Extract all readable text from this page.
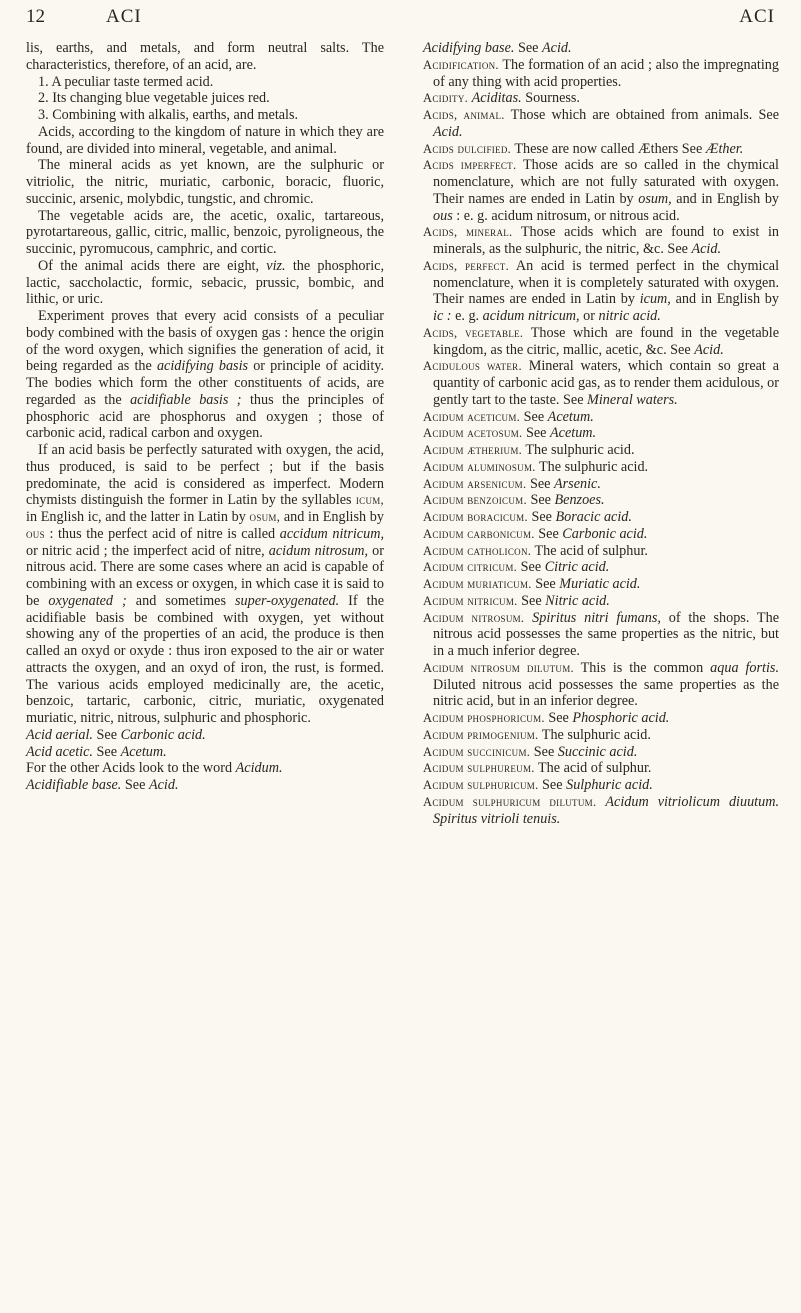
12	ACI	ACI

lis, earths, and metals, and form neutral salts. The characteristics, therefore, of an acid, are.

1. A peculiar taste termed acid.

2. Its changing blue vegetable juices red.

3. Combining with alkalis, earths, and metals.

Acids, according to the kingdom of nature in which they are found, are divided into mineral, vegetable, and animal.

The mineral acids as yet known, are the sulphuric or vitriolic, the nitric, muriatic, carbonic, boracic, fluoric, succinic, arsenic, molybdic, tungstic, and chromic.

The vegetable acids are, the acetic, oxalic, tartareous, pyrotartareous, gallic, citric, mallic, benzoic, pyroligneous, the succinic, pyromucous, camphric, and cortic.

Of the animal acids there are eight, viz. the phosphoric, lactic, saccholactic, formic, sebacic, prussic, bombic, and lithic, or uric.

Experiment proves that every acid consists of a peculiar body combined with the basis of oxygen gas : hence the origin of the word oxygen, which signifies the generation of acid, it being regarded as the acidifying basis or principle of acidity. The bodies which form the other constituents of acids, are regarded as the acidifiable basis ; thus the principles of phosphoric acid are phosphorus and oxygen ; those of carbonic acid, radical carbon and oxygen.

If an acid basis be perfectly saturated with oxygen, the acid, thus produced, is said to be perfect ; but if the basis predominate, the acid is considered as imperfect. Modern chymists distinguish the former in Latin by the syllables icum, in English ic, and the latter in Latin by osum, and in English by ous : thus the perfect acid of nitre is called accidum nitricum, or nitric acid ; the imperfect acid of nitre, acidum nitrosum, or nitrous acid. There are some cases where an acid is capable of combining with an excess or oxygen, in which case it is said to be oxygenated ; and sometimes super-oxygenated. If the acidifiable basis be combined with oxygen, yet without showing any of the properties of an acid, the produce is then called an oxyd or oxyde : thus iron exposed to the air or water attracts the oxygen, and an oxyd of iron, the rust, is formed. The various acids employed medicinally are, the acetic, benzoic, tartaric, carbonic, citric, muriatic, oxygenated muriatic, nitric, nitrous, sulphuric and phosphoric.

Acid aerial. See Carbonic acid.

Acid acetic. See Acetum.

For the other Acids look to the word Acidum.

Acidifiable base. See Acid.

Acidifying base. See Acid.

Acidification. The formation of an acid ; also the impregnating of any thing with acid properties.

Acidity. Aciditas. Sourness.

Acids, animal. Those which are obtained from animals. See Acid.

Acids dulcified. These are now called Æthers See Æther.

Acids imperfect. Those acids are so called in the chymical nomenclature, which are not fully saturated with oxygen. Their names are ended in Latin by osum, and in English by ous : e. g. acidum nitrosum, or nitrous acid.

Acids, mineral. Those acids which are found to exist in minerals, as the sulphuric, the nitric, &c. See Acid.

Acids, perfect. An acid is termed perfect in the chymical nomenclature, when it is completely saturated with oxygen. Their names are ended in Latin by icum, and in English by ic : e. g. acidum nitricum, or nitric acid.

Acids, vegetable. Those which are found in the vegetable kingdom, as the citric, mallic, acetic, &c. See Acid.

Acidulous water. Mineral waters, which contain so great a quantity of carbonic acid gas, as to render them acidulous, or gently tart to the taste. See Mineral waters.

Acidum aceticum. See Acetum.

Acidum acetosum. See Acetum.

Acidum ætherium. The sulphuric acid.

Acidum aluminosum. The sulphuric acid.

Acidum arsenicum. See Arsenic.

Acidum benzoicum. See Benzoes.

Acidum boracicum. See Boracic acid.

Acidum carbonicum. See Carbonic acid.

Acidum catholicon. The acid of sulphur.

Acidum citricum. See Citric acid.

Acidum muriaticum. See Muriatic acid.

Acidum nitricum. See Nitric acid.

Acidum nitrosum. Spiritus nitri fumans, of the shops. The nitrous acid possesses the same properties as the nitric, but in a much inferior degree.

Acidum nitrosum dilutum. This is the common aqua fortis. Diluted nitrous acid possesses the same properties as the nitric acid, but in an inferior degree.

Acidum phosphoricum. See Phosphoric acid.

Acidum primogenium. The sulphuric acid.

Acidum succinicum. See Succinic acid.

Acidum sulphureum. The acid of sulphur.

Acidum sulphuricum. See Sulphuric acid.

Acidum sulphuricum dilutum. Acidum vitriolicum diuutum. Spiritus vitrioli tenuis.
